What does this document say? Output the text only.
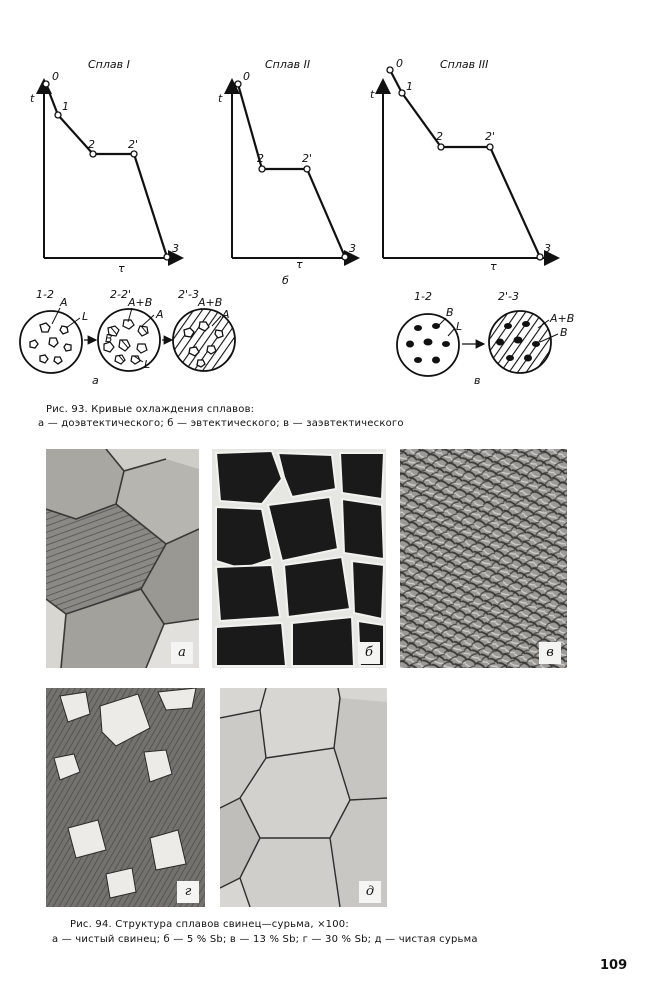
Сплав I
t
τ
0
1
2	2'
3
Сплав II
t
τ
0
2	2'
3
Сплав III
t
τ
0
1
2	2'
3
б
1-2	2-2'	2'-3
A
L
A+B
A
B
L
A+B
A
а
1-2	2'-3
B
L
A+B
B
в
Рис. 93. Кривые охлаждения сплавов:
а — доэвтектического; б — эвтектического; в — заэвтектического
а	б	в
г	д
Рис. 94. Структура сплавов свинец—сурьма, ×100:
а — чистый свинец; б — 5 % Sb; в — 13 % Sb; г — 30 % Sb; д — чистая сурьма
109
